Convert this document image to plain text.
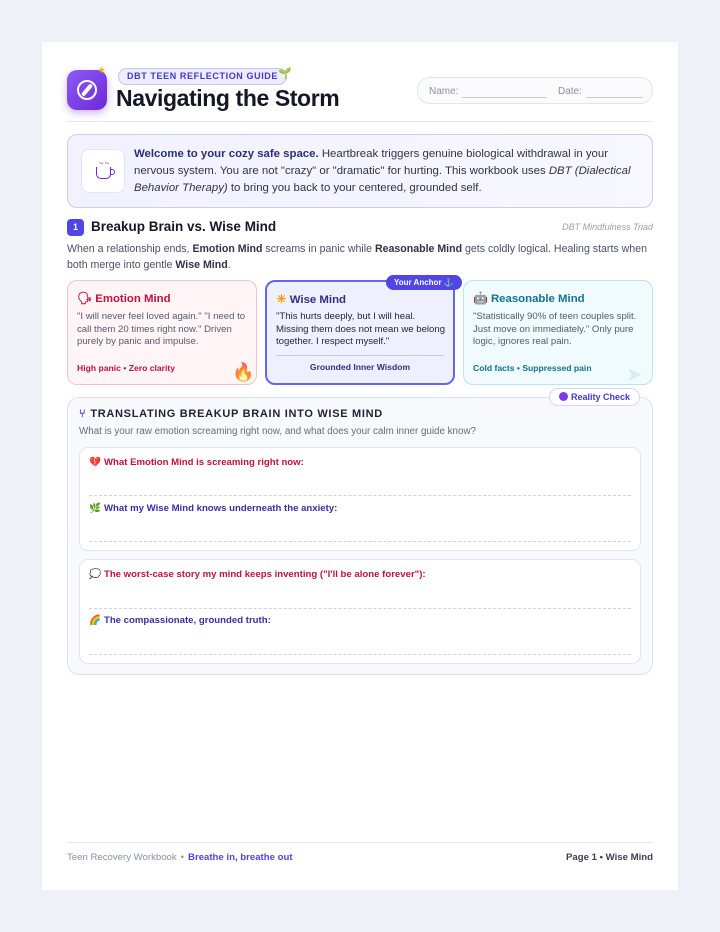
✦	DBT TEEN REFLECTION GUIDE 🌱
Navigating the Storm	Name:	Date:
~~
Welcome to your cozy safe space. Heartbreak triggers genuine biological withdrawal in your nervous system. You are not "crazy" or "dramatic" for hurting. This workbook uses DBT (Dialectical Behavior Therapy) to bring you back to your centered, grounded self.
1 Breakup Brain vs. Wise Mind	DBT Mindfulness Triad
When a relationship ends, Emotion Mind screams in panic while Reasonable Mind gets coldly logical. Healing starts when both merge into gentle Wise Mind.
🗣 Emotion Mind
"I will never feel loved again." "I need to call them 20 times right now." Driven purely by panic and impulse.
High panic • Zero clarity	🔥
☀ Wise Mind
"This hurts deeply, but I will heal. Missing them does not mean we belong together. I respect myself."
Grounded Inner Wisdom
Your Anchor ⚓
🤖 Reasonable Mind
"Statistically 90% of teen couples split. Just move on immediately." Only pure logic, ignores real pain.
Cold facts • Suppressed pain ➤
Reality Check
⑂ TRANSLATING BREAKUP BRAIN INTO WISE MIND
What is your raw emotion screaming right now, and what does your calm inner guide know?
💔 What Emotion Mind is screaming right now:
🌿 What my Wise Mind knows underneath the anxiety:
💭 The worst-case story my mind keeps inventing ("I'll be alone forever"):
🌈 The compassionate, grounded truth:
Teen Recovery Workbook • Breathe in, breathe out	Page 1 • Wise Mind
